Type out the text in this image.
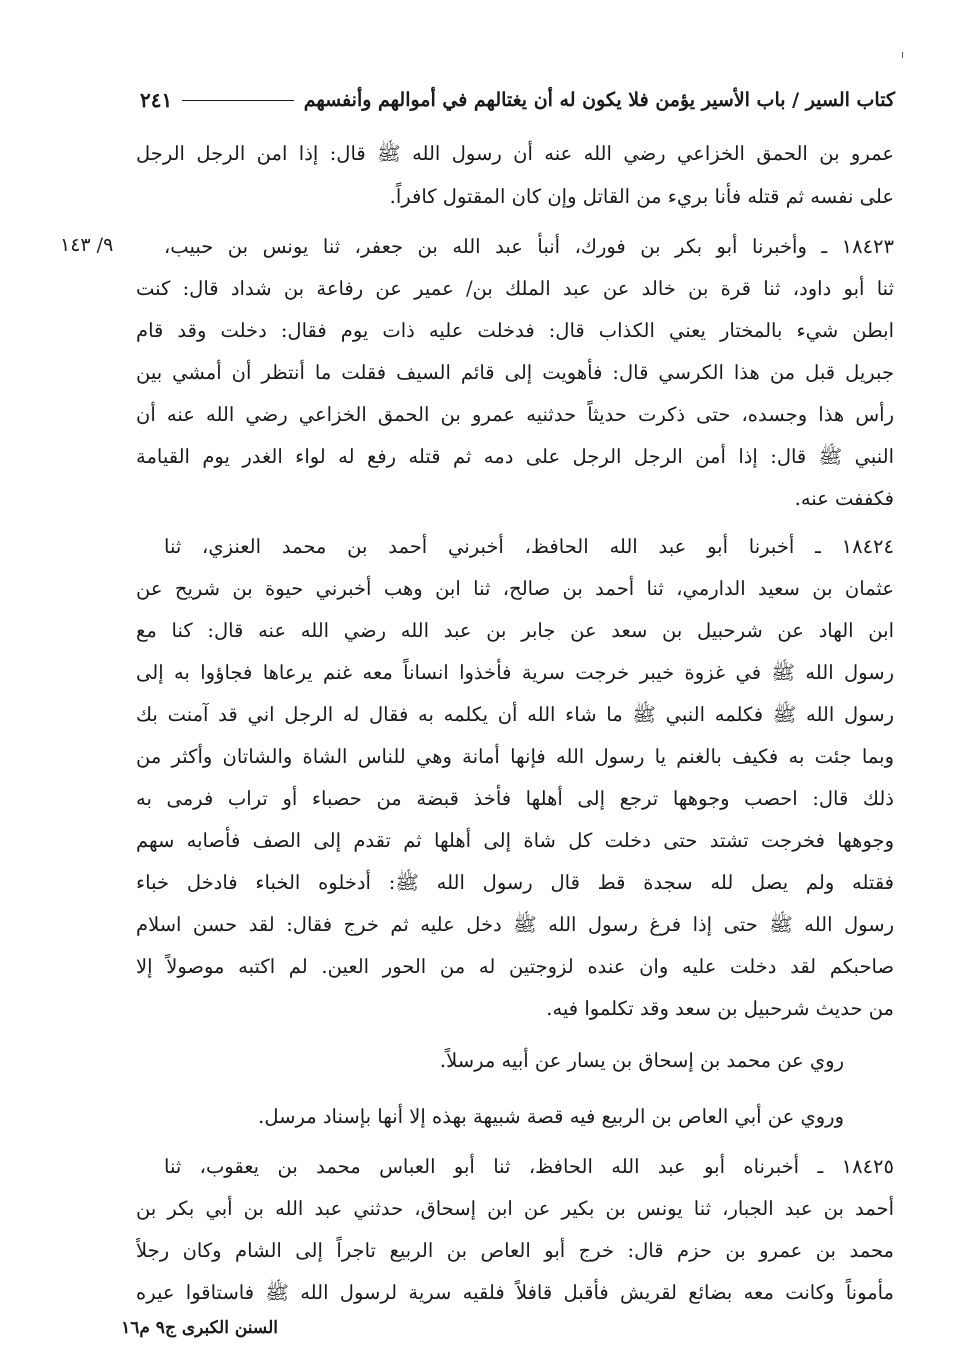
كتاب السير / باب الأسير يؤمن فلا يكون له أن يغتالهم في أموالهم وأنفسهم
٢٤١
٩/ ١٤٣
عمرو بن الحمق الخزاعي رضي الله عنه أن رسول الله ﷺ قال: إذا امن الرجل الرجل
على نفسه ثم قتله فأنا بريء من القاتل وإن كان المقتول كافراً.
١٨٤٢٣ ـ وأخبرنا أبو بكر بن فورك، أنبأ عبد الله بن جعفر، ثنا يونس بن حبيب،
ثنا أبو داود، ثنا قرة بن خالد عن عبد الملك بن/ عمير عن رفاعة بن شداد قال: كنت
ابطن شيء بالمختار يعني الكذاب قال: فدخلت عليه ذات يوم فقال: دخلت وقد قام
جبريل قبل من هذا الكرسي قال: فأهويت إلى قائم السيف فقلت ما أنتظر أن أمشي بين
رأس هذا وجسده، حتى ذكرت حديثاً حدثنيه عمرو بن الحمق الخزاعي رضي الله عنه أن
النبي ﷺ قال: إذا أمن الرجل الرجل على دمه ثم قتله رفع له لواء الغدر يوم القيامة
فكففت عنه.
١٨٤٢٤ ـ أخبرنا أبو عبد الله الحافظ، أخبرني أحمد بن محمد العنزي، ثنا
عثمان بن سعيد الدارمي، ثنا أحمد بن صالح، ثنا ابن وهب أخبرني حيوة بن شريح عن
ابن الهاد عن شرحبيل بن سعد عن جابر بن عبد الله رضي الله عنه قال: كنا مع
رسول الله ﷺ في غزوة خيبر خرجت سرية فأخذوا انساناً معه غنم يرعاها فجاؤوا به إلى
رسول الله ﷺ فكلمه النبي ﷺ ما شاء الله أن يكلمه به فقال له الرجل اني قد آمنت بك
وبما جئت به فكيف بالغنم يا رسول الله فإنها أمانة وهي للناس الشاة والشاتان وأكثر من
ذلك قال: احصب وجوهها ترجع إلى أهلها فأخذ قبضة من حصباء أو تراب فرمى به
وجوهها فخرجت تشتد حتى دخلت كل شاة إلى أهلها ثم تقدم إلى الصف فأصابه سهم
فقتله ولم يصل لله سجدة قط قال رسول الله ﷺ: أدخلوه الخباء فادخل خباء
رسول الله ﷺ حتى إذا فرغ رسول الله ﷺ دخل عليه ثم خرج فقال: لقد حسن اسلام
صاحبكم لقد دخلت عليه وان عنده لزوجتين له من الحور العين. لم اكتبه موصولاً إلا
من حديث شرحبيل بن سعد وقد تكلموا فيه.
روي عن محمد بن إسحاق بن يسار عن أبيه مرسلاً.
وروي عن أبي العاص بن الربيع فيه قصة شبيهة بهذه إلا أنها بإسناد مرسل.
١٨٤٢٥ ـ أخبرناه أبو عبد الله الحافظ، ثنا أبو العباس محمد بن يعقوب، ثنا
أحمد بن عبد الجبار، ثنا يونس بن بكير عن ابن إسحاق، حدثني عبد الله بن أبي بكر بن
محمد بن عمرو بن حزم قال: خرج أبو العاص بن الربيع تاجراً إلى الشام وكان رجلاً
مأموناً وكانت معه بضائع لقريش فأقبل قافلاً فلقيه سرية لرسول الله ﷺ فاستاقوا عيره
السنن الكبرى ج٩ م١٦
